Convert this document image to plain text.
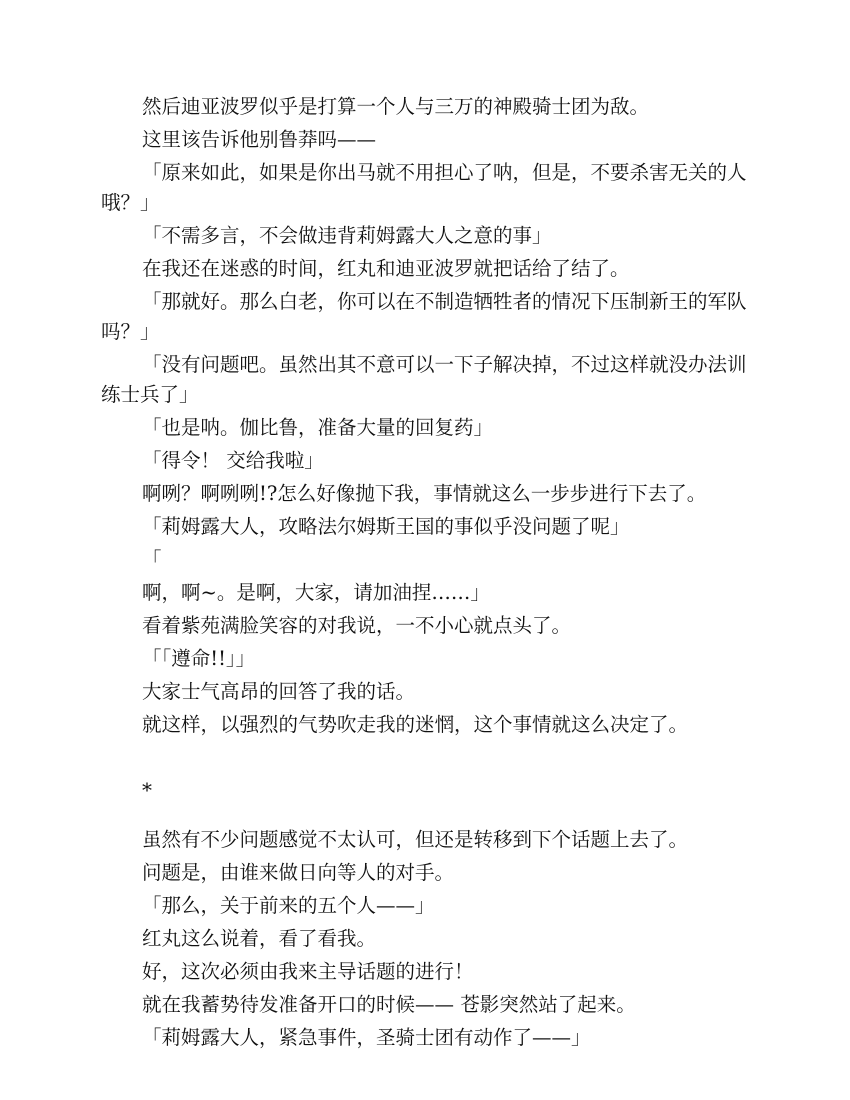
然后迪亚波罗似乎是打算一个人与三万的神殿骑士团为敌。

这里该告诉他别鲁莽吗——

「原来如此，如果是你出马就不用担心了呐，但是，不要杀害无关的人哦？」

「不需多言，不会做违背莉姆露大人之意的事」

在我还在迷惑的时间，红丸和迪亚波罗就把话给了结了。

「那就好。那么白老，你可以在不制造牺牲者的情况下压制新王的军队吗？」

「没有问题吧。虽然出其不意可以一下子解决掉，不过这样就没办法训练士兵了」

「也是呐。伽比鲁，准备大量的回复药」

「得令！ 交给我啦」

啊咧？啊咧咧!?怎么好像抛下我，事情就这么一步步进行下去了。

「莉姆露大人，攻略法尔姆斯王国的事似乎没问题了呢」

「

啊，啊~。是啊，大家，请加油捏……」

看着紫苑满脸笑容的对我说，一不小心就点头了。

「「遵命!!」」

大家士气高昂的回答了我的话。

就这样，以强烈的气势吹走我的迷惘，这个事情就这么决定了。

*

虽然有不少问题感觉不太认可，但还是转移到下个话题上去了。

问题是，由谁来做日向等人的对手。

「那么，关于前来的五个人——」

红丸这么说着，看了看我。

好，这次必须由我来主导话题的进行！

就在我蓄势待发准备开口的时候—— 苍影突然站了起来。

「莉姆露大人，紧急事件，圣骑士团有动作了——」
